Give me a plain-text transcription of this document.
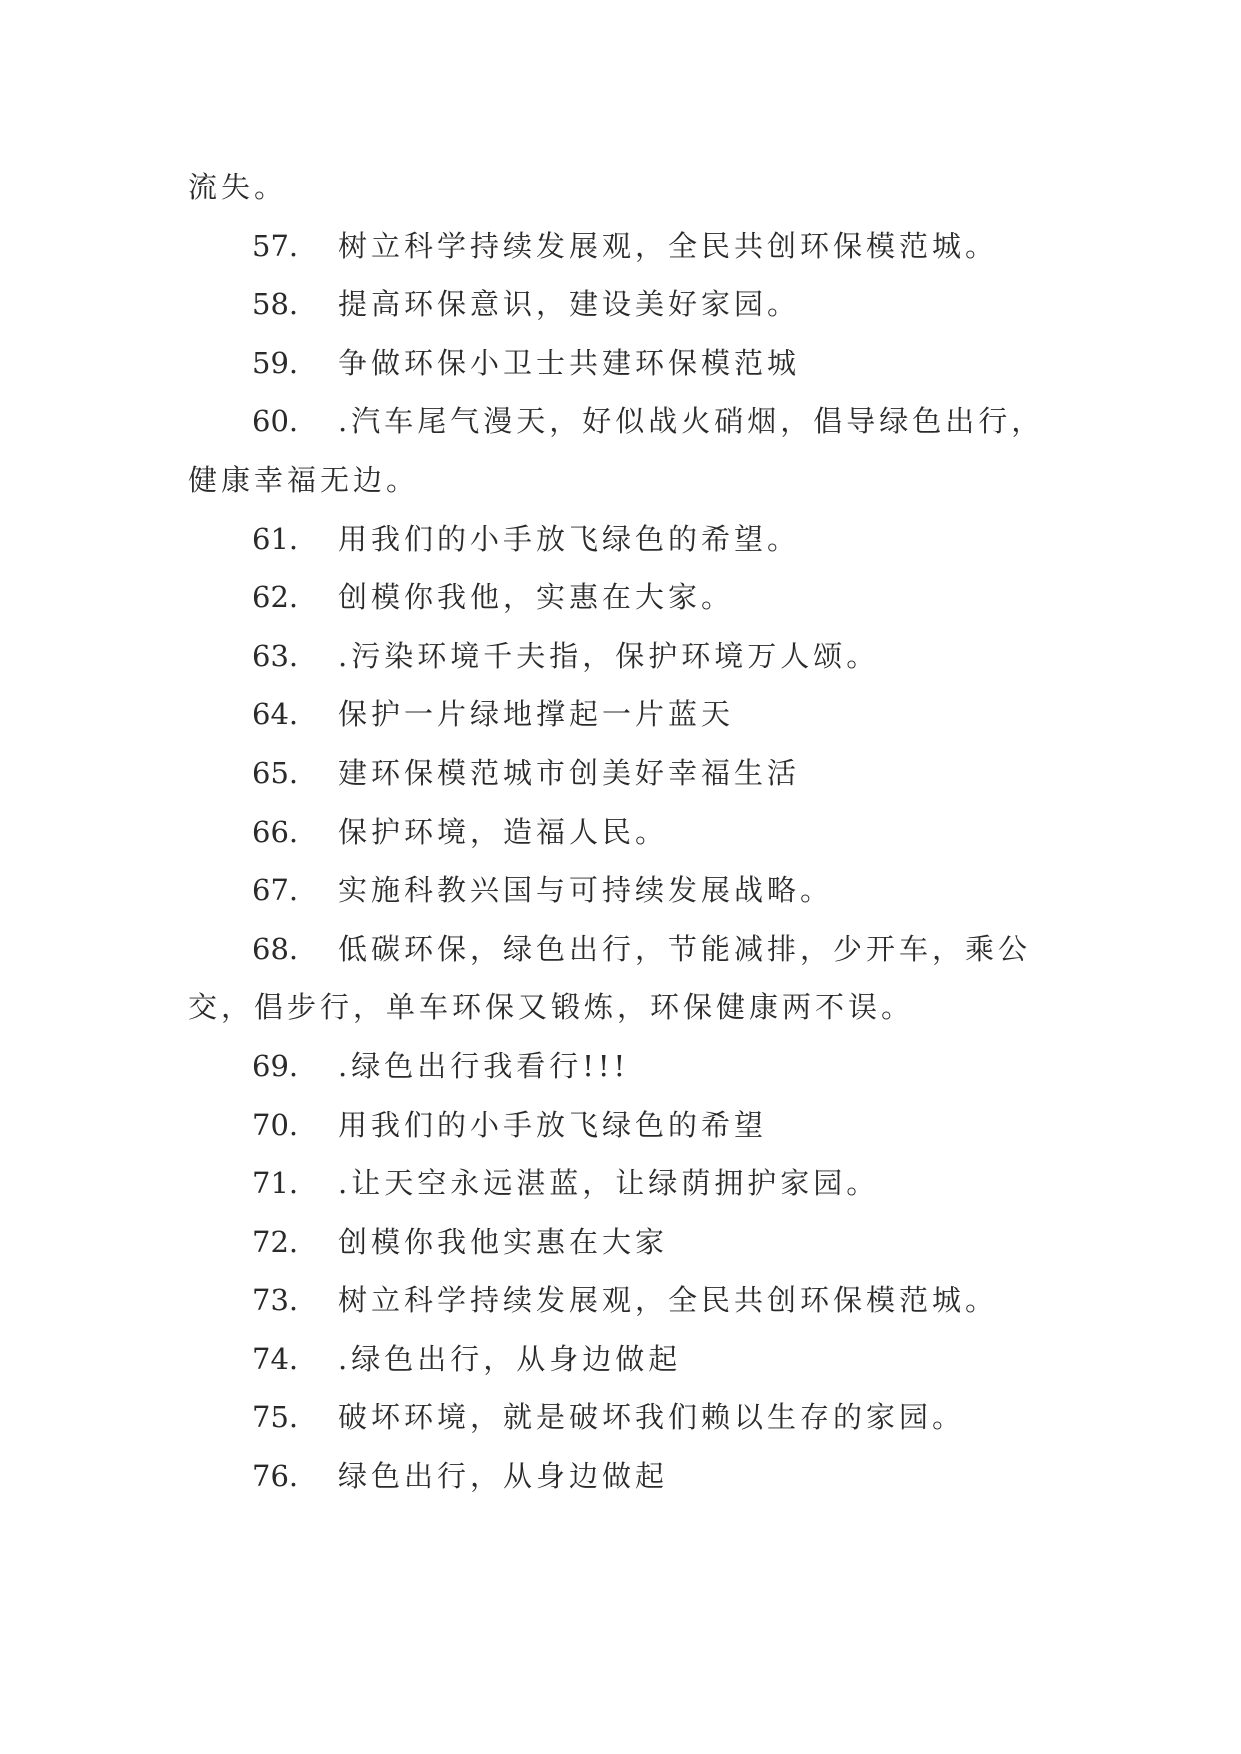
流失。
57. 树立科学持续发展观，全民共创环保模范城。
58. 提高环保意识，建设美好家园。
59. 争做环保小卫士共建环保模范城
60. .汽车尾气漫天，好似战火硝烟，倡导绿色出行，
健康幸福无边。
61. 用我们的小手放飞绿色的希望。
62. 创模你我他，实惠在大家。
63. .污染环境千夫指，保护环境万人颂。
64. 保护一片绿地撑起一片蓝天
65. 建环保模范城市创美好幸福生活
66. 保护环境，造福人民。
67. 实施科教兴国与可持续发展战略。
68. 低碳环保，绿色出行，节能减排，少开车，乘公
交，倡步行，单车环保又锻炼，环保健康两不误。
69. .绿色出行我看行!!!
70. 用我们的小手放飞绿色的希望
71. .让天空永远湛蓝，让绿荫拥护家园。
72. 创模你我他实惠在大家
73. 树立科学持续发展观，全民共创环保模范城。
74. .绿色出行，从身边做起
75. 破坏环境，就是破坏我们赖以生存的家园。
76. 绿色出行，从身边做起
